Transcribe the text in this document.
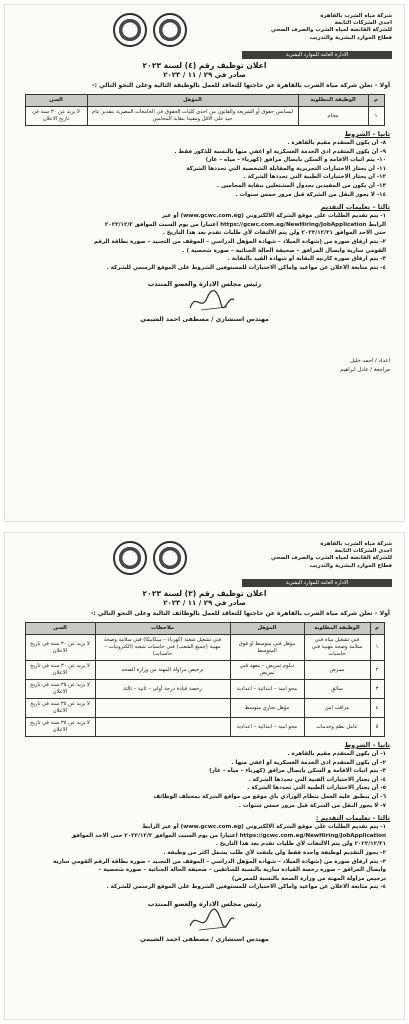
شركة مياه الشرب بالقاهرة
احدى الشركات التابعة
للشركة القابضة لمياه الشرب والصرف الصحي
قطاع الموارد البشرية والتدريب
الادارة العامة للموارد البشرية
اعلان توظيف رقم (٤) لسنة ٢٠٢٣
صادر في ٢٩ / ١١ / ٢٠٢٣
أولا – تعلن شركة مياه الشرب بالقاهرة عن حاجتها للتعاقد للعمل بالوظيفة التالية وعلى النحو التالي :-
م	الوظيفة المطلوبة	المؤهل	السن
١	محام	ليسانس حقوق أو الشريعة والقانون من احدى كليات الحقوق في الجامعات المصرية بتقدير عام جيد على الاقل ومقيدا بنقابة المحامين	لا يزيد عن ٣٠ سنة في تاريخ الاعلان
ثانيا – الشروط
٨- أن يكون المتقدم مقيم بالقاهرة .
٩- أن يكون المتقدم ادى الخدمة العسكرية او اعفي منها بالنسبة للذكور فقط .
١٠- يتم اثبات الاقامة و السكن بايصال مرافق (كهرباء – مياه – غاز)
١١- أن يجتاز الاختبارات التحريرية والمقابلة الشخصية التي تحددها الشركة
١٢- أن يجتاز الاختبارات الطبية التي تحددها الشركة .
١٣- أن يكون من المقيدين بجدول المشتغلين بنقابة المحامين .
١٤- لا يجوز النقل من الشركة قبل مرور خمس سنوات .
ثالثا – تعليمات التقديم
١- يتم تقديم الطلبات على موقع الشركة الالكتروني (www.gcwc.com.eg) أو عبر
الرابط https://gcwc.com.eg/NewHiring/JobApplication اعتبارا من يوم السبت الموافق ٢٠٢٣/١٢/٢
حتى الاحد الموافق ٢٠٢٣/١٢/٣١ ولن يتم الالتفات لأي طلبات تقدم بعد هذا التاريخ .
٢- يتم ارفاق صورة من (شهادة الميلاد – شهادة المؤهل الدراسي – الموقف من التجنيد – صورة بطاقة الرقم
القومي سارية وايصال المرافق – صحيفة الحالة الجنائية – صورة شخصية ) .
٣- يتم ارفاق صورة كارنيه النقابة أو شهادة القيد بالنقابة .
٤- يتم متابعة الاعلان عن مواعيد واماكن الاختبارات للمستوفين الشروط على الموقع الرسمي للشركة .
رئيس مجلس الادارة والعضو المنتدب
مهندس استشاري / مصطفى احمد الشيمي
اعداد / احمد خليل
مراجعة / عادل ابراهيم
شركة مياه الشرب بالقاهرة
احدى الشركات التابعة
للشركة القابضة لمياه الشرب والصرف الصحي
قطاع الموارد البشرية والتدريب
الادارة العامة للموارد البشرية
اعلان توظيف رقم (٣) لسنة ٢٠٢٣
صادر في ٢٩ / ١١ / ٢٠٢٣
أولا – تعلن شركة مياه الشرب بالقاهرة عن حاجتها للتعاقد للعمل بالوظائف التالية وعلى النحو التالي :-
م	الوظيفة المطلوبة	المؤهل	ملاحظات	السن
١	فني تشغيل مياه فني سلامة وصحة مهنية فني حاسبات	مؤهل فني متوسط او فوق المتوسط	فني تشغيل شعبة (كهرباء – ميكانيكا) فني سلامة وصحة مهنية (جميع الشعب) فني حاسبات شعبة (الكترونيات – حاسبات)	لا يزيد عن ٣٠ سنة في تاريخ الاعلان
٢	ممرض	دبلوم تمريض – معهد فني تمريض	ترخيص مزاولة المهنة من وزارة الصحة	لا يزيد عن ٣٠ سنة في تاريخ الاعلان
٣	سائق	محو امية – ابتدائية – اعدادية	رخصة قيادة درجة أولى – ثانية – ثالثة	لا يزيد عن ٣٥ سنة في تاريخ الاعلان
٤	مراقب امن	مؤهل تجاري متوسط		لا يزيد عن ٣٥ سنة في تاريخ الاعلان
٥	عامل نظم وخدمات	محو امية – ابتدائية – اعدادية		لا يزيد عن ٣٥ سنة في تاريخ الاعلان
ثانيا – الشروط
١- أن يكون المتقدم مقيم بالقاهرة .
٢- أن يكون المتقدم ادى الخدمة العسكرية او اعفي منها .
٣- يتم اثبات الاقامة و السكن بايصال مرافق (كهرباء – مياه – غاز)
٤- أن يجتاز الاختبارات الفنية التي تحددها الشركة .
٥- أن يجتاز الاختبارات الطبية التي تحددها الشركة .
٦- أن ينطبق عليه العمل بنظام الورادي بأي موقع من مواقع الشركة بمختلف الوظائف
٧- لا يجوز النقل من الشركة قبل مرور خمس سنوات .
ثالثا – تعليمات التقديم :
١- يتم تقديم الطلبات على موقع الشركة الالكتروني (www.gcwc.com.eg) أو عبر الرابط
https://gcwc.com.eg/NewHiring/JobApplication اعتبارا من يوم السبت الموافق ٢٠٢٣/١٢/٢ حتى الاحد الموافق
٢٠٢٣/١٢/٣١ ولن يتم الالتفات لأي طلبات تقدم بعد هذا التاريخ .
٢- يجوز التقديم لوظيفة واحدة فقط ولن يلتفت لأي طلب يشمل اكثر من وظيفة .
٣- يتم ارفاق صورة من (شهادة الميلاد – شهادة المؤهل الدراسي – الموقف من التجنيد – صورة بطاقة الرقم القومي سارية
وايصال المرافق – صورة رخصة القيادة سارية بالنسبة للسائقين – صحيفة الحالة الجنائية – صورة شخصية –
ترخيص مزاولة المهنة من وزارة الصحة بالنسبة للممرض)
٤- يتم متابعة الاعلان عن مواعيد واماكن الاختبارات للمستوفين الشروط على الموقع الرسمي للشركة .
رئيس مجلس الادارة والعضو المنتدب
مهندس استشاري / مصطفى احمد الشيمي
